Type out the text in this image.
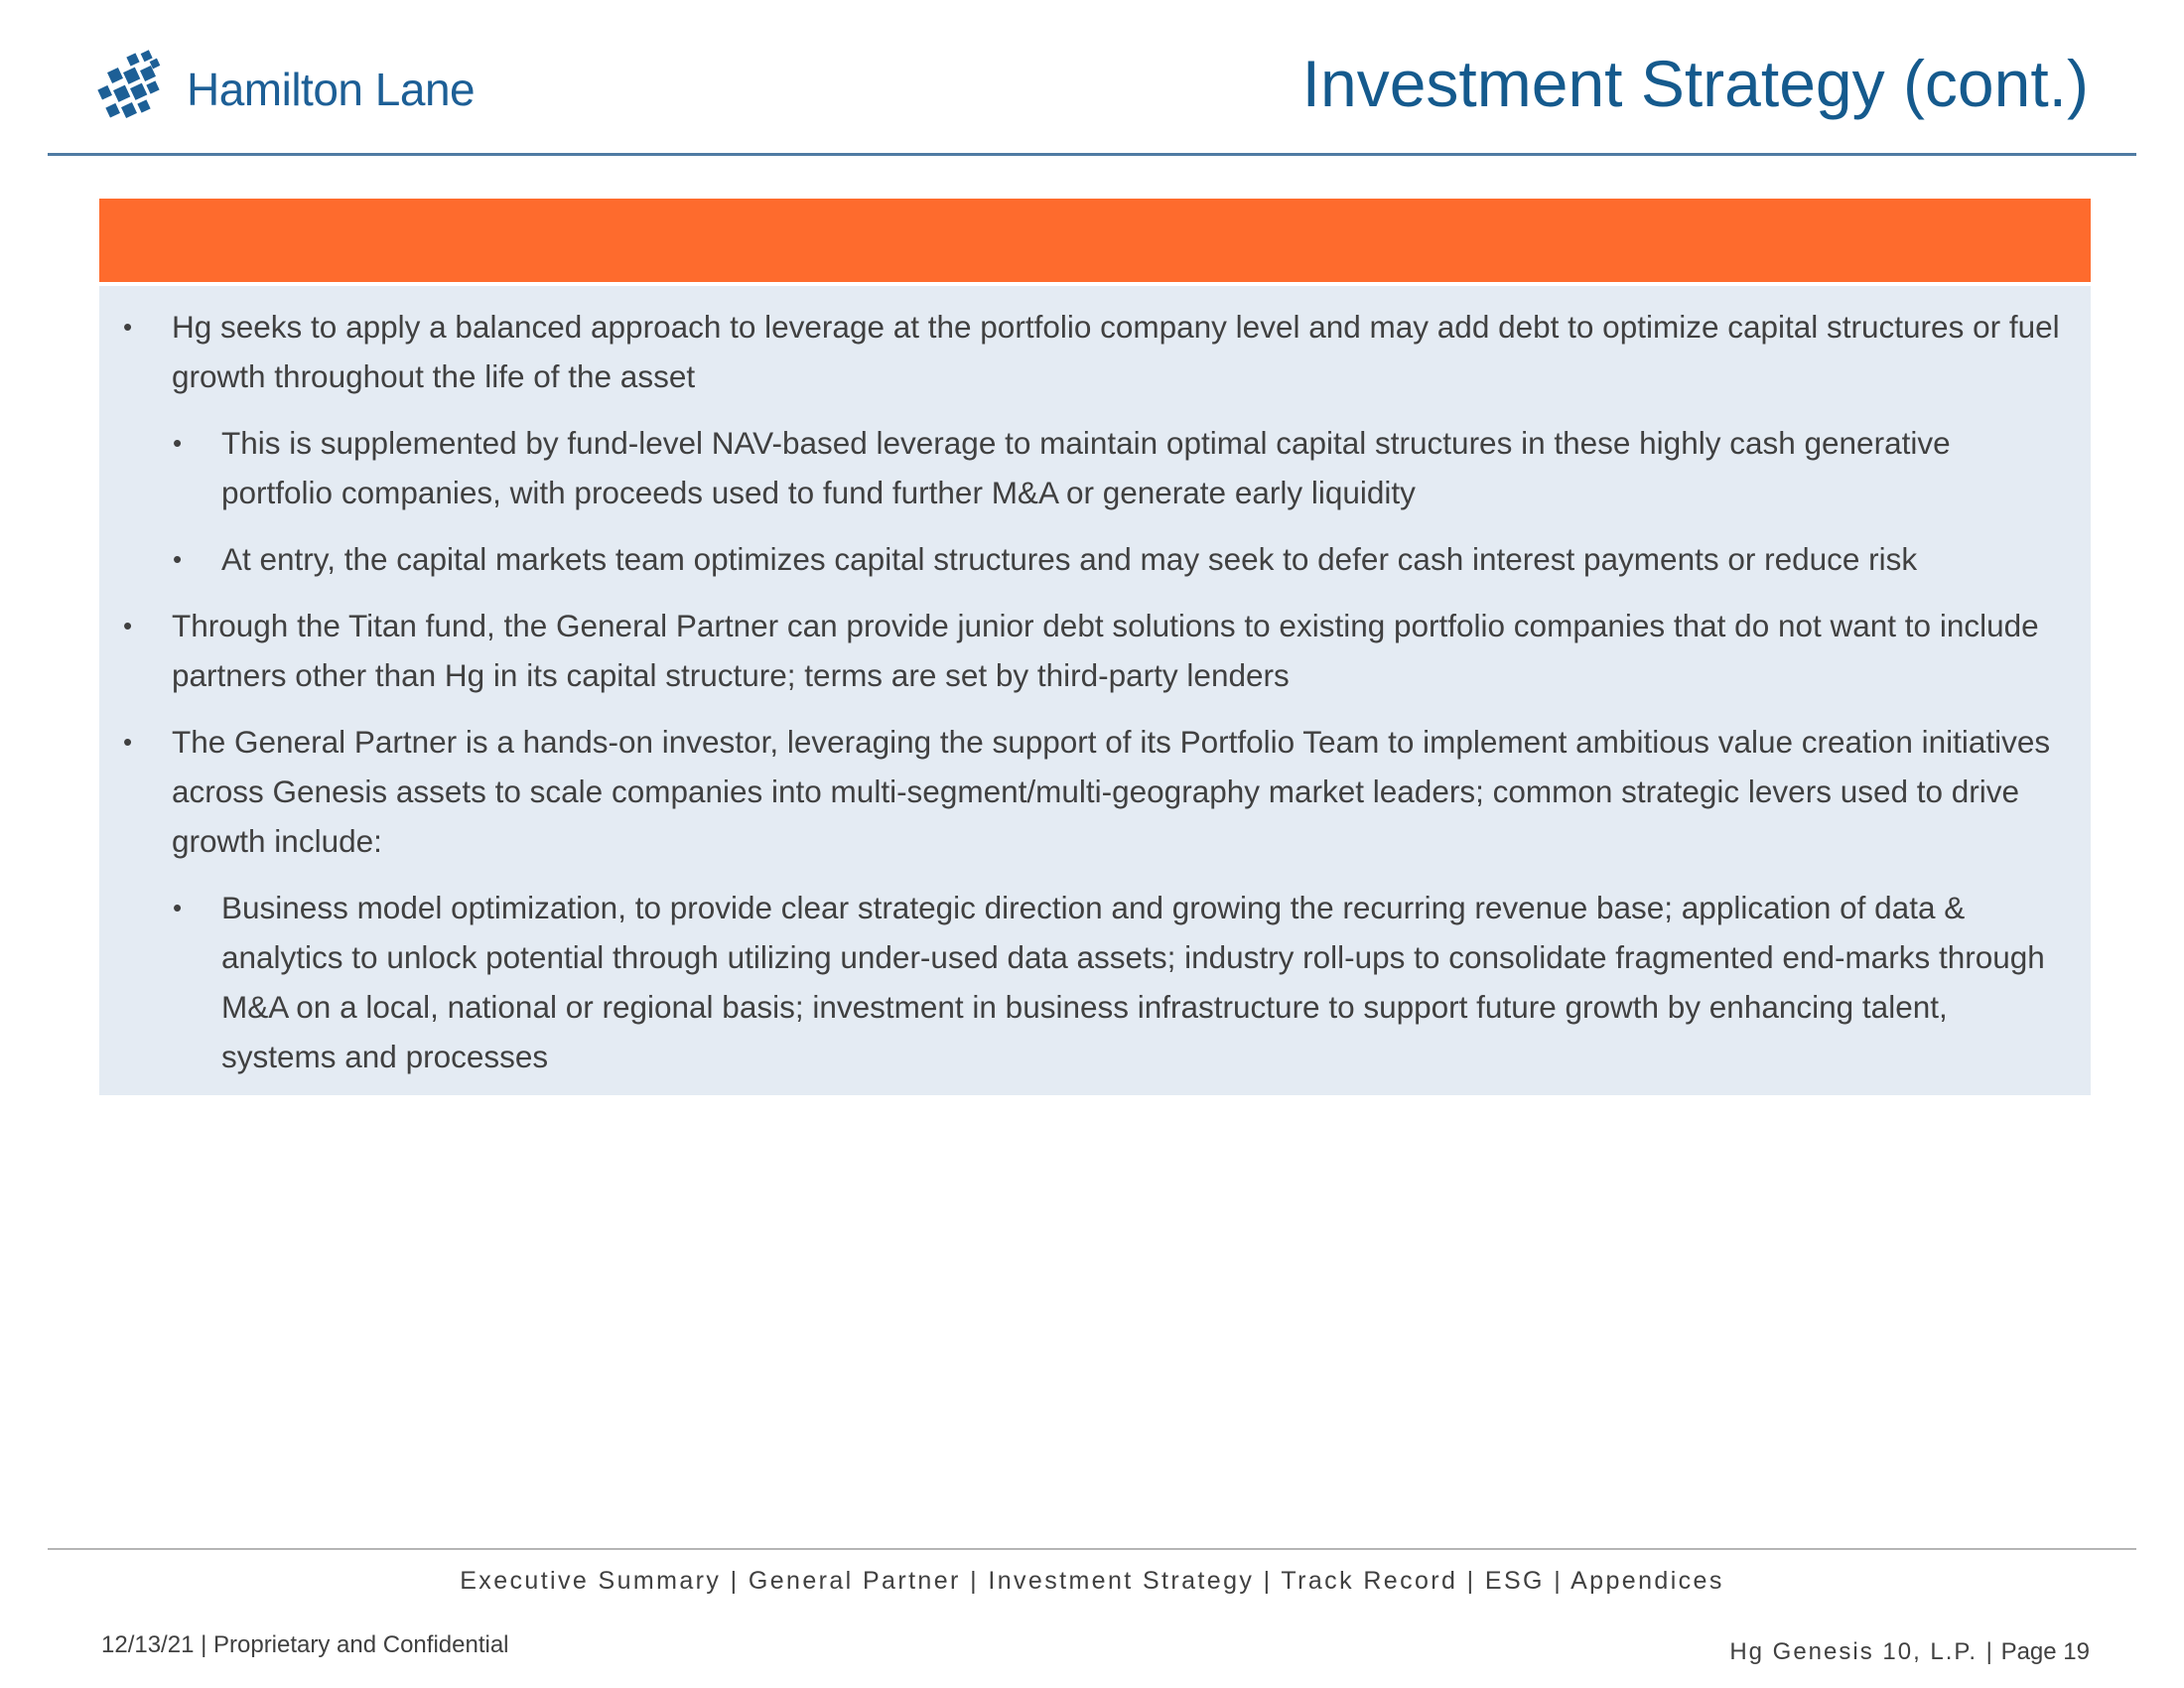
Hamilton Lane	Investment Strategy (cont.)
• Hg seeks to apply a balanced approach to leverage at the portfolio company level and may add debt to optimize capital structures or fuel growth throughout the life of the asset
• This is supplemented by fund-level NAV-based leverage to maintain optimal capital structures in these highly cash generative portfolio companies, with proceeds used to fund further M&A or generate early liquidity
• At entry, the capital markets team optimizes capital structures and may seek to defer cash interest payments or reduce risk
• Through the Titan fund, the General Partner can provide junior debt solutions to existing portfolio companies that do not want to include partners other than Hg in its capital structure; terms are set by third-party lenders
• The General Partner is a hands-on investor, leveraging the support of its Portfolio Team to implement ambitious value creation initiatives across Genesis assets to scale companies into multi-segment/multi-geography market leaders; common strategic levers used to drive growth include:
• Business model optimization, to provide clear strategic direction and growing the recurring revenue base; application of data & analytics to unlock potential through utilizing under-used data assets; industry roll-ups to consolidate fragmented end-marks through M&A on a local, national or regional basis; investment in business infrastructure to support future growth by enhancing talent, systems and processes
Executive Summary | General Partner | Investment Strategy | Track Record | ESG | Appendices
12/13/21 | Proprietary and Confidential	Hg Genesis 10, L.P. | Page 19
